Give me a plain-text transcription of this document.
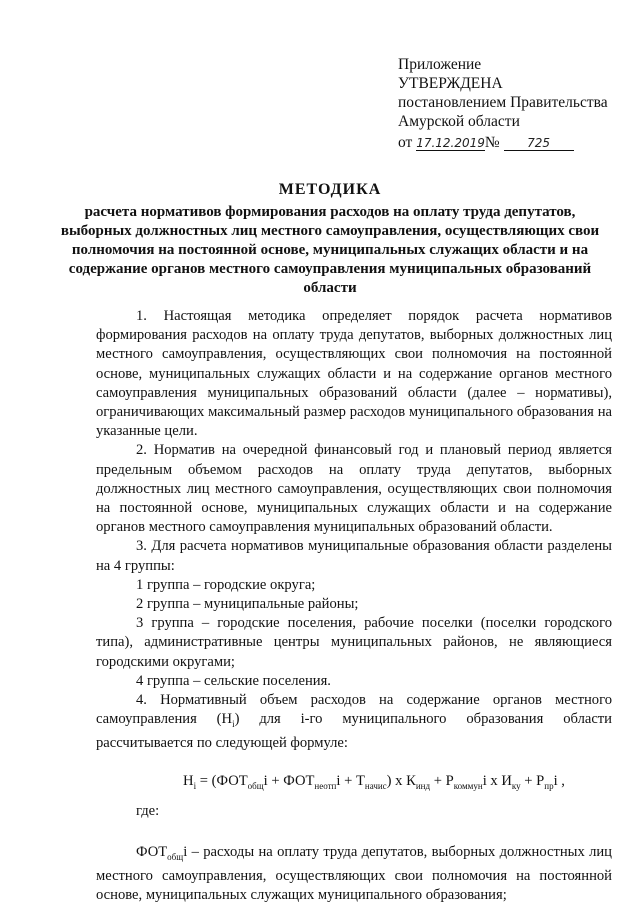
Приложение
УТВЕРЖДЕНА
постановлением Правительства
Амурской области
от 17.12.2019№ 725
МЕТОДИКА
расчета нормативов формирования расходов на оплату труда депутатов, выборных должностных лиц местного самоуправления, осуществляющих свои полномочия на постоянной основе, муниципальных служащих области и на содержание органов местного самоуправления муниципальных образований области

1. Настоящая методика определяет порядок расчета нормативов формирования расходов на оплату труда депутатов, выборных должностных лиц местного самоуправления, осуществляющих свои полномочия на постоянной основе, муниципальных служащих области и на содержание органов местного самоуправления муниципальных образований области (далее – нормативы), ограничивающих максимальный размер расходов муниципального образования на указанные цели.

2. Норматив на очередной финансовый год и плановый период является предельным объемом расходов на оплату труда депутатов, выборных должностных лиц местного самоуправления, осуществляющих свои полномочия на постоянной основе, муниципальных служащих области и на содержание органов местного самоуправления муниципальных образований области.

3. Для расчета нормативов муниципальные образования области разделены на 4 группы:

1 группа – городские округа;

2 группа – муниципальные районы;

3 группа – городские поселения, рабочие поселки (поселки городского типа), административные центры муниципальных районов, не являющиеся городскими округами;

4 группа – сельские поселения.

4. Нормативный объем расходов на содержание органов местного самоуправления $(Н_i)$ для i-го муниципального образования области рассчитывается по следующей формуле:

$Н_i = (ФОТ_{общ}i + ФОТ_{неотп}i + Т_{начис})$ х $К_{инд} + Р_{коммун}i$ х $И_{ку} + Р_{пр}i$ ,

где:

$ФОТ_{общ}i$ – расходы на оплату труда депутатов, выборных должностных лиц местного самоуправления, осуществляющих свои полномочия на постоянной основе, муниципальных служащих муниципального образования;
